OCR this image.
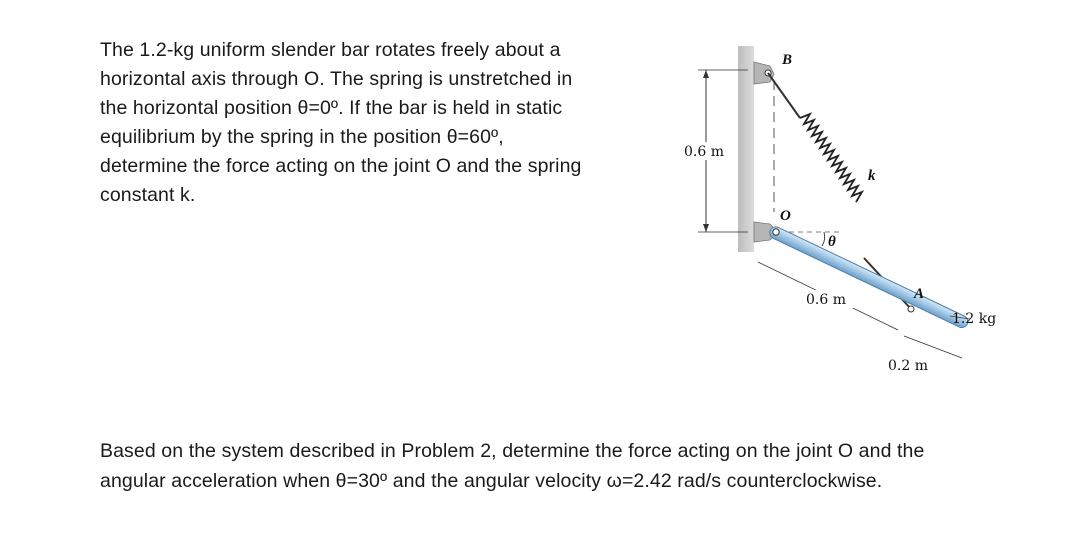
The 1.2-kg uniform slender bar rotates freely about a

horizontal axis through O. The spring is unstretched in

the horizontal position θ=0º. If the bar is held in static

equilibrium by the spring in the position θ=60º,

determine the force acting on the joint O and the spring

constant k.

0.6 m
B
k
O
θ
A
0.6 m
0.2 m
1.2 kg

Based on the system described in Problem 2, determine the force acting on the joint O and the

angular acceleration when θ=30º and the angular velocity ω=2.42 rad/s counterclockwise.
